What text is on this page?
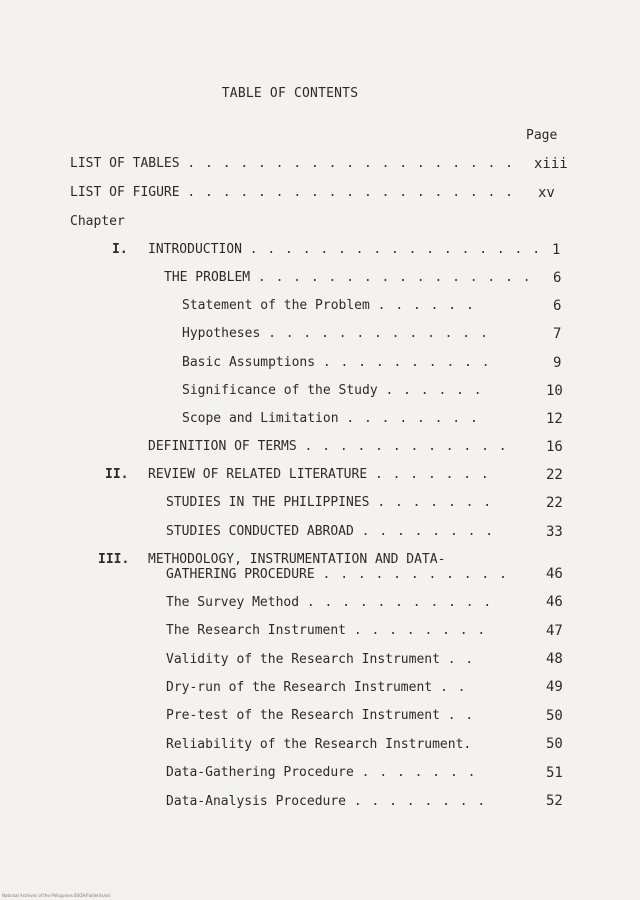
TABLE OF CONTENTS
Page
LIST OF TABLES . . . . . . . . . . . . . . . . . . . xiii
LIST OF FIGURE . . . . . . . . . . . . . . . . . . . xv
Chapter
I. INTRODUCTION . . . . . . . . . . . . . . . . . 1
THE PROBLEM . . . . . . . . . . . . . . . . 6
Statement of the Problem . . . . . .	6
Hypotheses . . . . . . . . . . . . .	7
Basic Assumptions . . . . . . . . . .	9
Significance of the Study . . . . . .	10
Scope and Limitation . . . . . . . .	12
DEFINITION OF TERMS . . . . . . . . . . . .	16
II. REVIEW OF RELATED LITERATURE . . . . . . .	22
STUDIES IN THE PHILIPPINES . . . . . . .	22
STUDIES CONDUCTED ABROAD . . . . . . . .	33
III. METHODOLOGY, INSTRUMENTATION AND DATA-
GATHERING PROCEDURE . . . . . . . . . . .	46
The Survey Method . . . . . . . . . . .	46
The Research Instrument . . . . . . . .	47
Validity of the Research Instrument . .	48
Dry-run of the Research Instrument . .	49
Pre-test of the Research Instrument . .	50
Reliability of the Research Instrument.	50
Data-Gathering Procedure . . . . . . .	51
Data-Analysis Procedure . . . . . . . .	52
National Archives of the Philippines BSOA/Folder/ix/xiii
